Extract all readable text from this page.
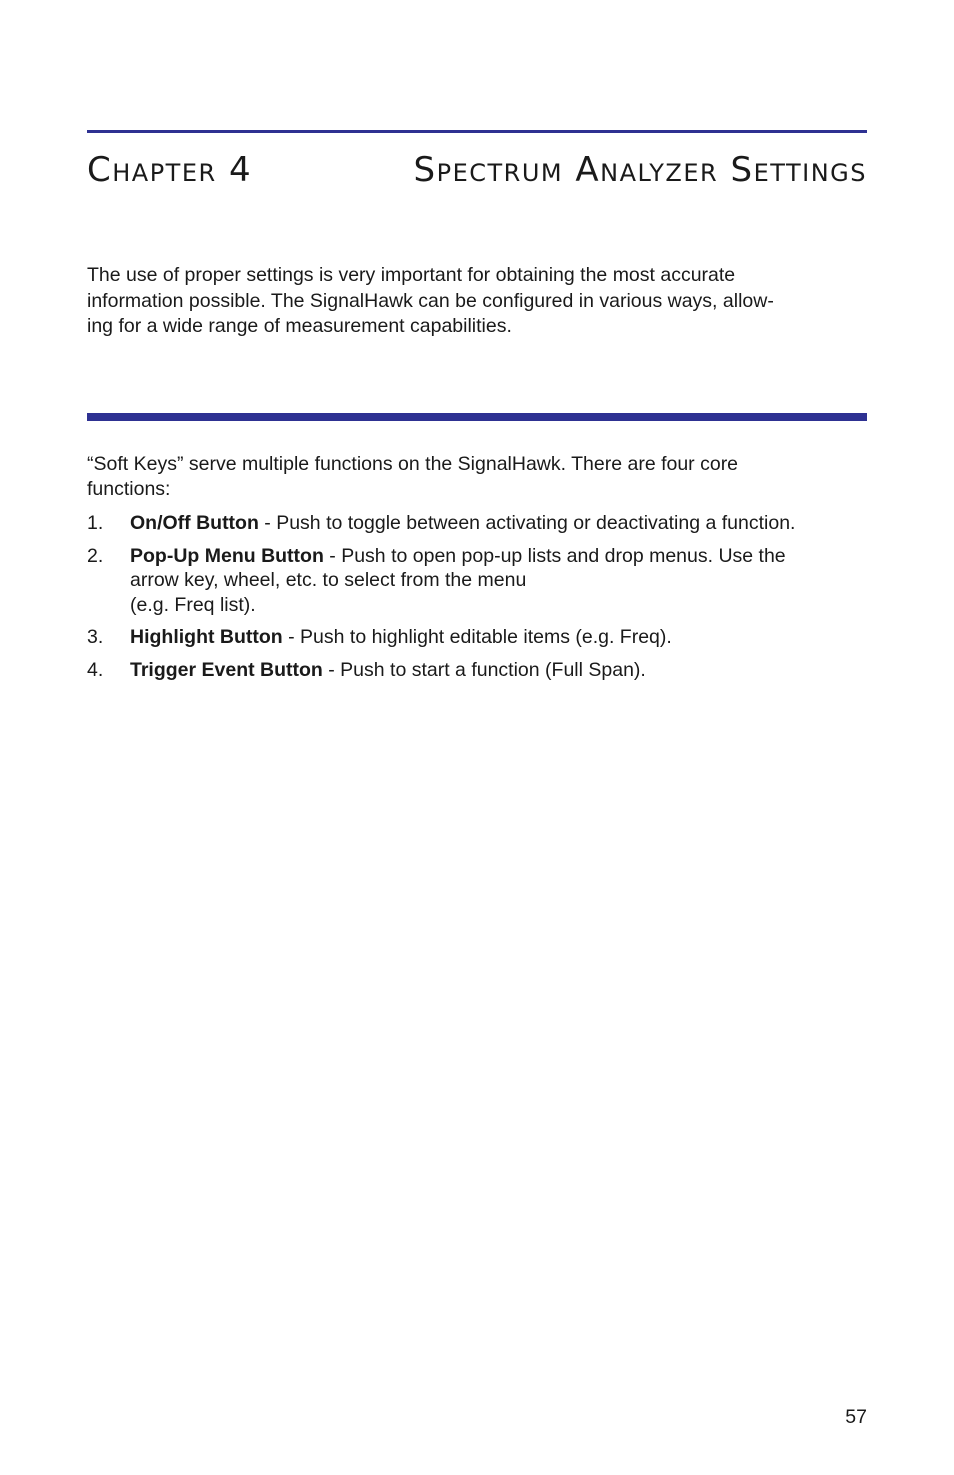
Chapter 4	Spectrum Analyzer Settings

The use of proper settings is very important for obtaining the most accurate
information possible. The SignalHawk can be configured in various ways, allow-
ing for a wide range of measurement capabilities.

“Soft Keys” serve multiple functions on the SignalHawk. There are four core
functions:

1.	On/Off Button - Push to toggle between activating or deactivating a function.
2.	Pop-Up Menu Button - Push to open pop-up lists and drop menus. Use the
arrow key, wheel, etc. to select from the menu
(e.g. Freq list).
3.	Highlight Button - Push to highlight editable items (e.g. Freq).
4.	Trigger Event Button - Push to start a function (Full Span).

57
